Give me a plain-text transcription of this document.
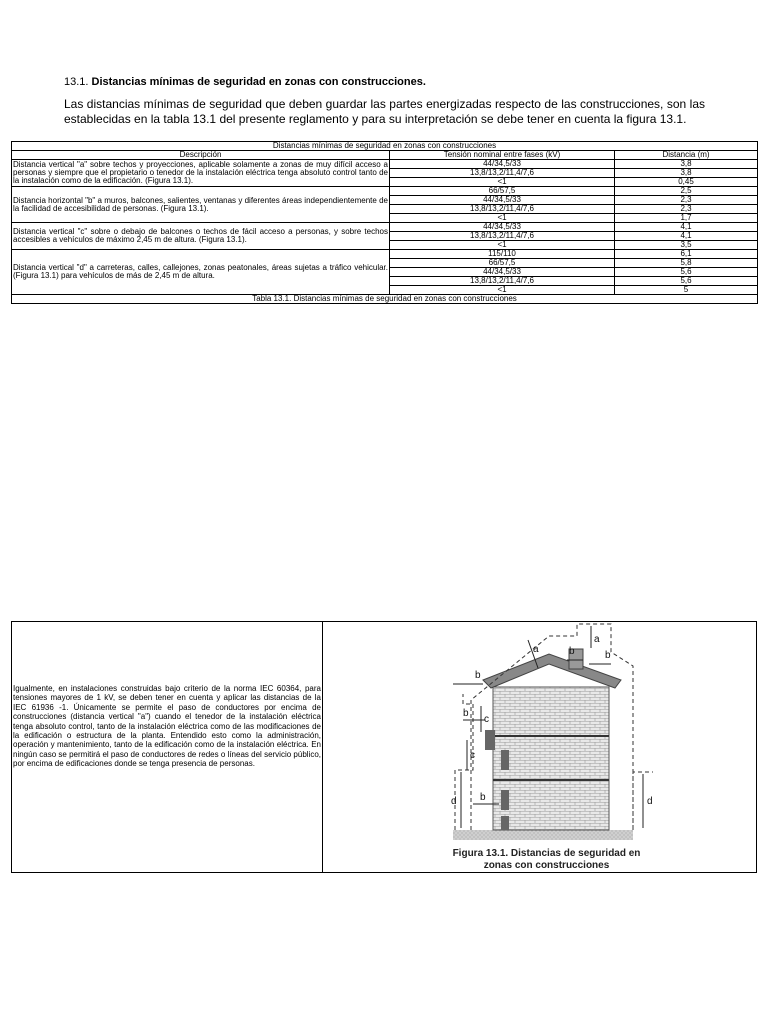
13.1. Distancias mínimas de seguridad en zonas con construcciones.
Las distancias mínimas de seguridad que deben guardar las partes energizadas respecto de las construcciones, son las establecidas en la tabla 13.1 del presente reglamento y para su interpretación se debe tener en cuenta la figura 13.1.
Distancias mínimas de seguridad en zonas con construcciones		
Descripción	Tensión nominal entre fases (kV)	Distancia (m)
Distancia vertical "a" sobre techos y proyecciones, aplicable solamente a zonas de muy difícil acceso a personas y siempre que el propietario o tenedor de la instalación eléctrica tenga absoluto control tanto de la instalación como de la edificación. (Figura 13.1).	44/34,5/33	3,8
	13,8/13,2/11,4/7,6	3,8
	<1	0,45
Distancia horizontal "b" a muros, balcones, salientes, ventanas y diferentes áreas independientemente de la facilidad de accesibilidad de personas. (Figura 13.1).	66/57,5	2,5
	44/34,5/33	2,3
	13,8/13,2/11,4/7,6	2,3
	<1	1,7
Distancia vertical "c" sobre o debajo de balcones o techos de fácil acceso a personas, y sobre techos accesibles a vehículos de máximo 2,45 m de altura. (Figura 13.1).	44/34,5/33	4,1
	13,8/13,2/11,4/7,6	4,1
	<1	3,5
Distancia vertical "d" a carreteras, calles, callejones, zonas peatonales, áreas sujetas a tráfico vehicular. (Figura 13.1) para vehículos de más de 2,45 m de altura.	115/110	6,1
	66/57,5	5,8
	44/34,5/33	5,6
	13,8/13,2/11,4/7,6	5,6
	<1	5
Tabla 13.1. Distancias mínimas de seguridad en zonas con construcciones		
Igualmente, en instalaciones construidas bajo criterio de la norma IEC 60364, para tensiones mayores de 1 kV, se deben tener en cuenta y aplicar las distancias de la IEC 61936 -1. Únicamente se permite el paso de conductores por encima de construcciones (distancia vertical "a") cuando el tenedor de la instalación eléctrica tenga absoluto control, tanto de la instalación eléctrica como de las modificaciones de la edificación o estructura de la planta. Entendido esto como la administración, operación y mantenimiento, tanto de la edificación como de la instalación eléctrica. En ningún caso se permitirá el paso de conductores de redes o líneas del servicio público, por encima de edificaciones donde se tenga presencia de personas.
a
a	b	b
b
b
c
c
d b	d
Figura 13.1. Distancias de seguridad en
zonas con construcciones
